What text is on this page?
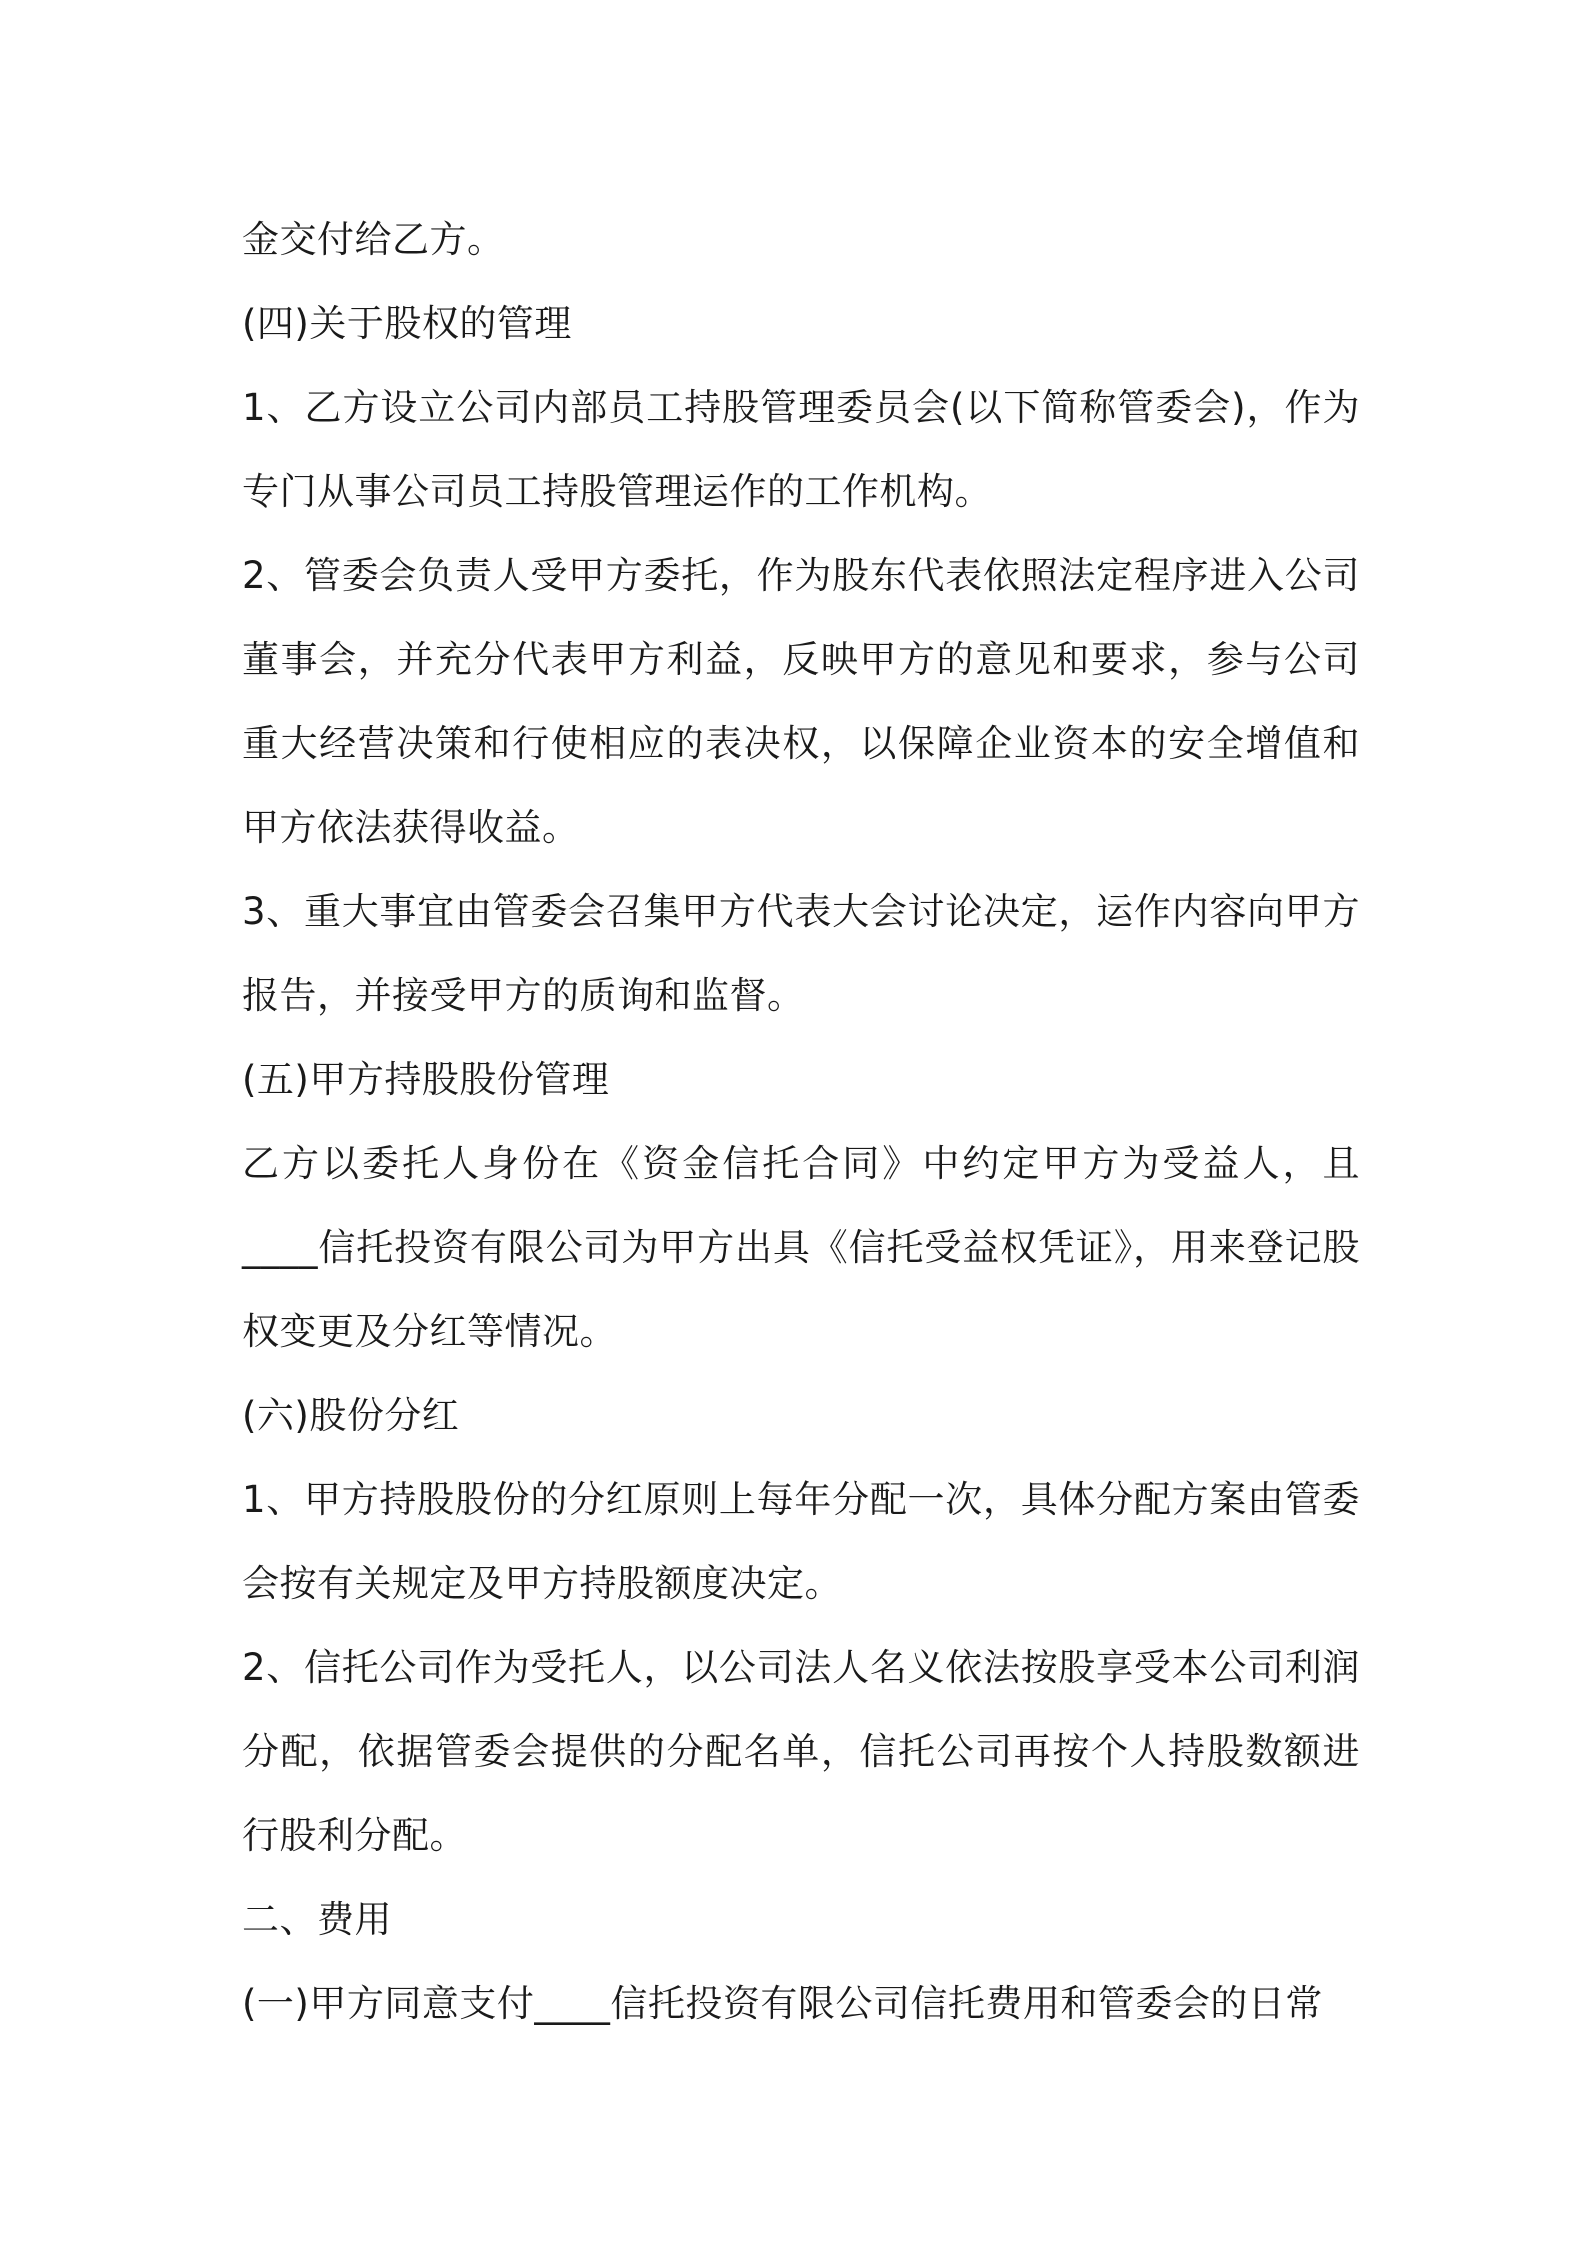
金交付给乙方。

(四)关于股权的管理

1、乙方设立公司内部员工持股管理委员会(以下简称管委会)，作为专门从事公司员工持股管理运作的工作机构。

2、管委会负责人受甲方委托，作为股东代表依照法定程序进入公司董事会，并充分代表甲方利益，反映甲方的意见和要求，参与公司重大经营决策和行使相应的表决权，以保障企业资本的安全增值和甲方依法获得收益。

3、重大事宜由管委会召集甲方代表大会讨论决定，运作内容向甲方报告，并接受甲方的质询和监督。

(五)甲方持股股份管理

乙方以委托人身份在《资金信托合同》中约定甲方为受益人，且____信托投资有限公司为甲方出具《信托受益权凭证》，用来登记股权变更及分红等情况。

(六)股份分红

1、甲方持股股份的分红原则上每年分配一次，具体分配方案由管委会按有关规定及甲方持股额度决定。

2、信托公司作为受托人，以公司法人名义依法按股享受本公司利润分配，依据管委会提供的分配名单，信托公司再按个人持股数额进行股利分配。

二、费用

(一)甲方同意支付____信托投资有限公司信托费用和管委会的日常
